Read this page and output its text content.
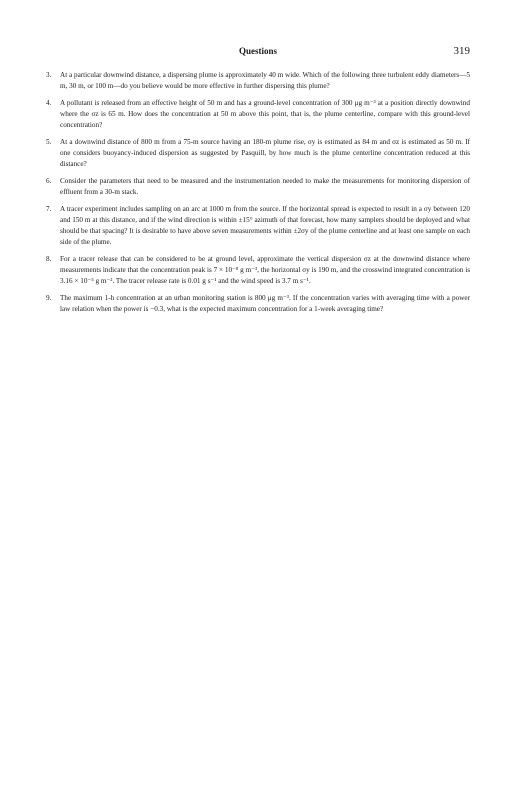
Questions	319
3.	At a particular downwind distance, a dispersing plume is approximately 40 m wide. Which of the following three turbulent eddy diameters—5 m, 30 m, or 100 m—do you believe would be more effective in further dispersing this plume?
4.	A pollutant is released from an effective height of 50 m and has a ground-level concentration of 300 μg m⁻³ at a position directly downwind where the σz is 65 m. How does the concentration at 50 m above this point, that is, the plume centerline, compare with this ground-level concentration?
5.	At a downwind distance of 800 m from a 75-m source having an 180-m plume rise, σy is estimated as 84 m and σz is estimated as 50 m. If one considers buoyancy-induced dispersion as suggested by Pasquill, by how much is the plume centerline concentration reduced at this distance?
6.	Consider the parameters that need to be measured and the instrumentation needed to make the measurements for monitoring dispersion of effluent from a 30-m stack.
7.	A tracer experiment includes sampling on an arc at 1000 m from the source. If the horizontal spread is expected to result in a σy between 120 and 150 m at this distance, and if the wind direction is within ±15° azimuth of that forecast, how many samplers should be deployed and what should be that spacing? It is desirable to have above seven measurements within ±2σy of the plume centerline and at least one sample on each side of the plume.
8.	For a tracer release that can be considered to be at ground level, approximate the vertical dispersion σz at the downwind distance where measurements indicate that the concentration peak is 7 × 10⁻⁸ g m⁻³, the horizontal σy is 190 m, and the crosswind integrated concentration is 3.16 × 10⁻⁵ g m⁻². The tracer release rate is 0.01 g s⁻¹ and the wind speed is 3.7 m s⁻¹.
9.	The maximum 1-h concentration at an urban monitoring station is 800 μg m⁻³. If the concentration varies with averaging time with a power law relation when the power is −0.3, what is the expected maximum concentration for a 1-week averaging time?
